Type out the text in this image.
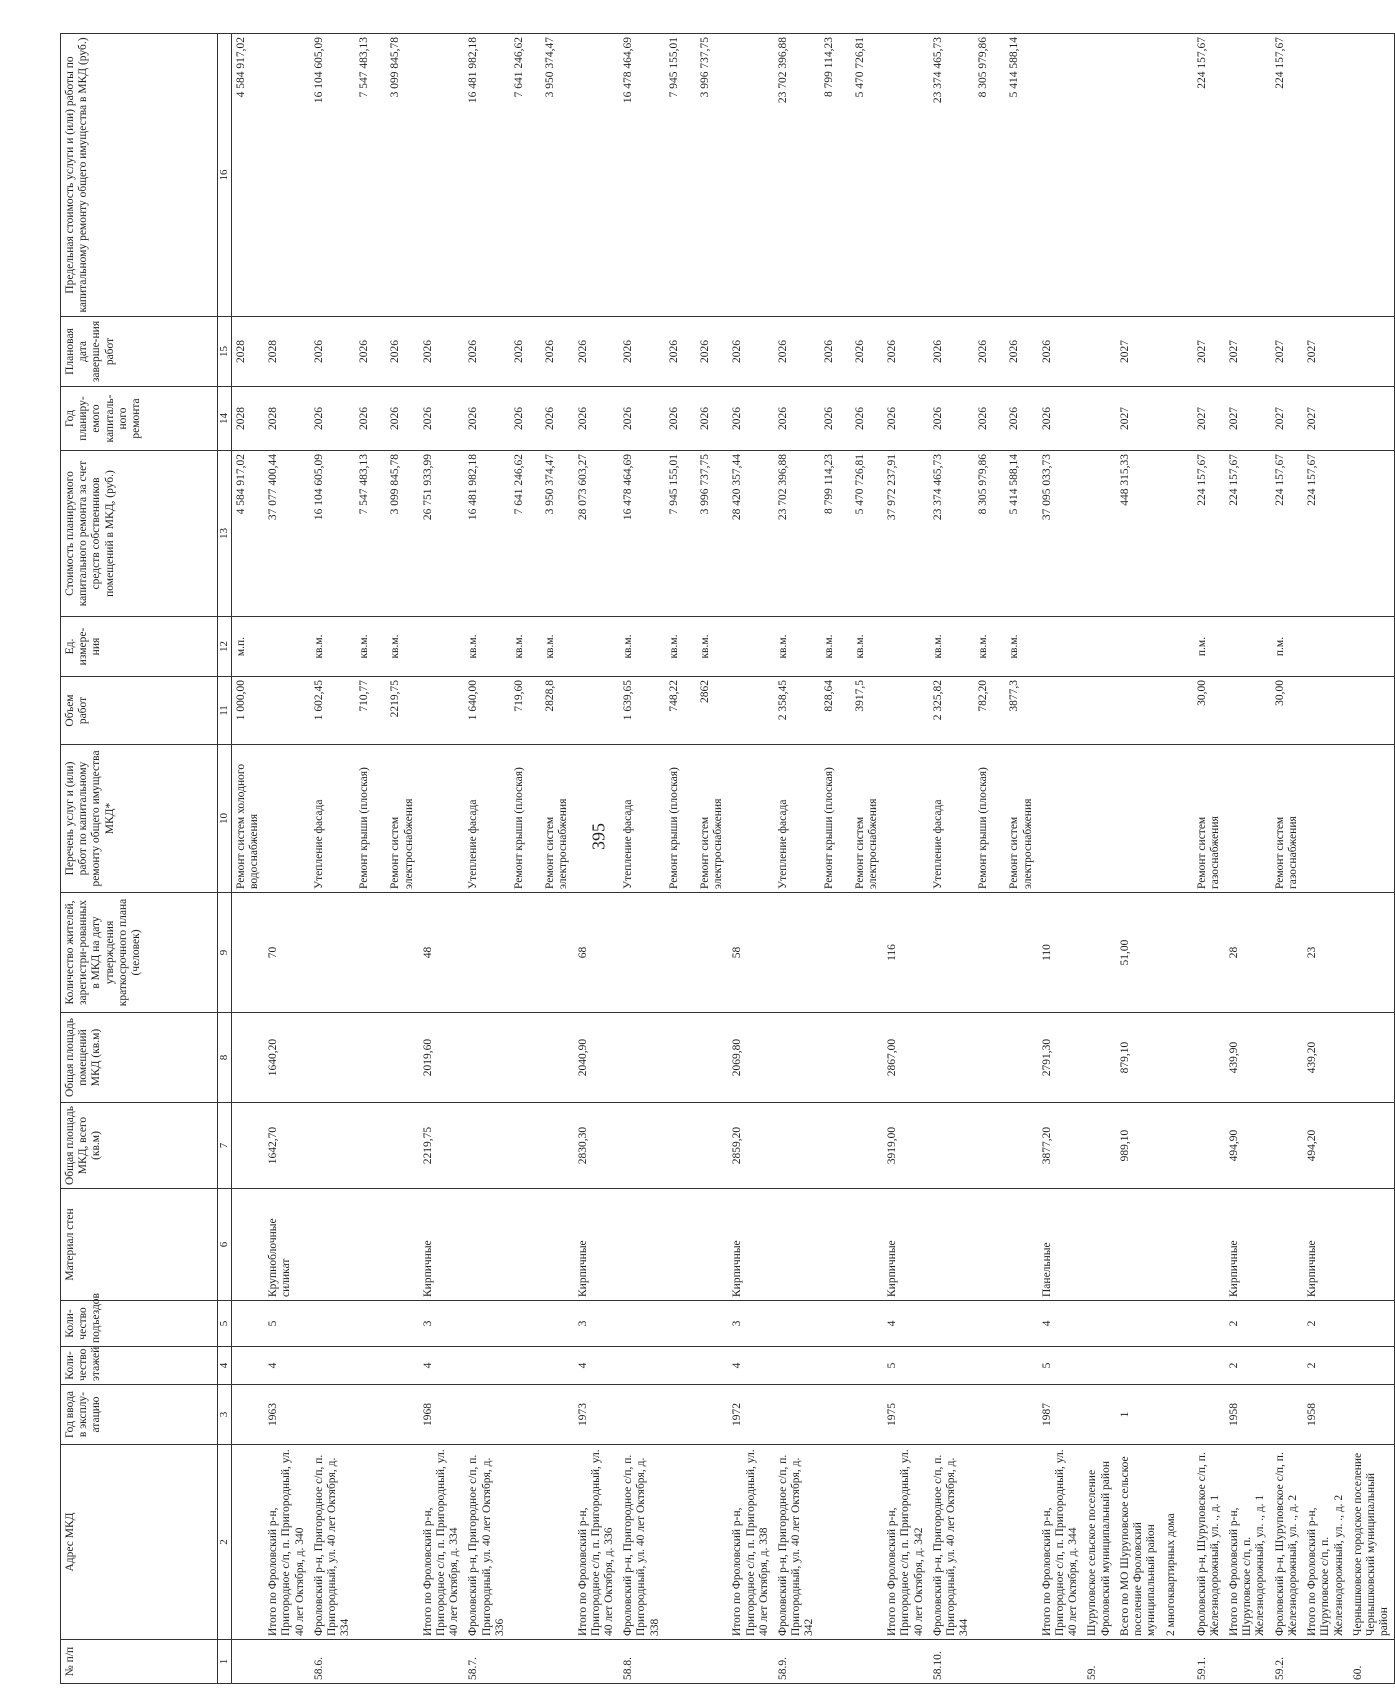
395
№ п/п	Адрес МКД	Год ввода в эксплу-атацию	Коли-чество этажей	Коли-чество подъездов	Материал стен	Общая площадь МКД, всего (кв.м)	Общая площадь помещений МКД (кв.м)	Количество жителей, зарегистри-рованных в МКД на дату утверждения краткосрочного плана (человек)	Перечень услуг и (или) работ по капитальному ремонту общего имущества МКД*	Объем работ	Ед. измере-ния	Стоимость планируемого капитального ремонта за счет средств собственников помещений в МКД, (руб.)	Год планиру-емого капиталь-ного ремонта	Плановая дата заверше-ния работ	Предельная стоимость услуги и (или) работы по капитальному ремонту общего имущества в МКД (руб.)
1	2	3	4	5	6	7	8	9	10	11	12	13	14	15	16
									Ремонт систем холодного водоснабжения	1 000,00	м.п.	4 584 917,02	2028	2028	4 584 917,02
	Итого по Фроловский р-н, Пригородное с/п, п. Пригородный, ул. 40 лет Октября, д. 340	1963	4	5	Крупноблочные силикат	1642,70	1640,20	70				37 077 400,44	2028	2028	
58.6.	Фроловский р-н, Пригородное с/п, п. Пригородный, ул. 40 лет Октября, д. 334								Утепление фасада	1 602,45	кв.м.	16 104 605,09	2026	2026	16 104 605,09
									Ремонт крыши (плоская)	710,77	кв.м.	7 547 483,13	2026	2026	7 547 483,13
									Ремонт систем электроснабжения	2219,75	кв.м.	3 099 845,78	2026	2026	3 099 845,78
	Итого по Фроловский р-н, Пригородное с/п, п. Пригородный, ул. 40 лет Октября, д. 334	1968	4	3	Кирпичные	2219,75	2019,60	48				26 751 933,99	2026	2026	
58.7.	Фроловский р-н, Пригородное с/п, п. Пригородный, ул. 40 лет Октября, д. 336								Утепление фасада	1 640,00	кв.м.	16 481 982,18	2026	2026	16 481 982,18
									Ремонт крыши (плоская)	719,60	кв.м.	7 641 246,62	2026	2026	7 641 246,62
									Ремонт систем электроснабжения	2828,8	кв.м.	3 950 374,47	2026	2026	3 950 374,47
	Итого по Фроловский р-н, Пригородное с/п, п. Пригородный, ул. 40 лет Октября, д. 336	1973	4	3	Кирпичные	2830,30	2040,90	68				28 073 603,27	2026	2026	
58.8.	Фроловский р-н, Пригородное с/п, п. Пригородный, ул. 40 лет Октября, д. 338								Утепление фасада	1 639,65	кв.м.	16 478 464,69	2026	2026	16 478 464,69
									Ремонт крыши (плоская)	748,22	кв.м.	7 945 155,01	2026	2026	7 945 155,01
									Ремонт систем электроснабжения	2862	кв.м.	3 996 737,75	2026	2026	3 996 737,75
	Итого по Фроловский р-н, Пригородное с/п, п. Пригородный, ул. 40 лет Октября, д. 338	1972	4	3	Кирпичные	2859,20	2069,80	58				28 420 357,44	2026	2026	
58.9.	Фроловский р-н, Пригородное с/п, п. Пригородный, ул. 40 лет Октября, д. 342								Утепление фасада	2 358,45	кв.м.	23 702 396,88	2026	2026	23 702 396,88
									Ремонт крыши (плоская)	828,64	кв.м.	8 799 114,23	2026	2026	8 799 114,23
									Ремонт систем электроснабжения	3917,5	кв.м.	5 470 726,81	2026	2026	5 470 726,81
	Итого по Фроловский р-н, Пригородное с/п, п. Пригородный, ул. 40 лет Октября, д. 342	1975	5	4	Кирпичные	3919,00	2867,00	116				37 972 237,91	2026	2026	
58.10.	Фроловский р-н, Пригородное с/п, п. Пригородный, ул. 40 лет Октября, д. 344								Утепление фасада	2 325,82	кв.м.	23 374 465,73	2026	2026	23 374 465,73
									Ремонт крыши (плоская)	782,20	кв.м.	8 305 979,86	2026	2026	8 305 979,86
									Ремонт систем электроснабжения	3877,3	кв.м.	5 414 588,14	2026	2026	5 414 588,14
	Итого по Фроловский р-н, Пригородное с/п, п. Пригородный, ул. 40 лет Октября, д. 344	1987	5	4	Панельные	3877,20	2791,30	110				37 095 033,73	2026	2026	
59.	Шуруповское сельское поселение Фроловский муниципальный район														
	Всего по МО Шуруповское сельское поселение Фроловский муниципальный район	1				989,10	879,10	51,00				448 315,33	2027	2027	
	2 многоквартирных дома														
59.1.	Фроловский р-н, Шуруповское с/п, п. Железнодорожный, ул. ., д. 1								Ремонт систем газоснабжения	30,00	п.м.	224 157,67	2027	2027	224 157,67
	Итого по Фроловский р-н, Шуруповское с/п, п. Железнодорожный, ул. ., д. 1	1958	2	2	Кирпичные	494,90	439,90	28				224 157,67	2027	2027	
59.2.	Фроловский р-н, Шуруповское с/п, п. Железнодорожный, ул. ., д. 2								Ремонт систем газоснабжения	30,00	п.м.	224 157,67	2027	2027	224 157,67
	Итого по Фроловский р-н, Шуруповское с/п, п. Железнодорожный, ул. ., д. 2	1958	2	2	Кирпичные	494,20	439,20	23				224 157,67	2027	2027	
60.	Чернышковское городское поселение Чернышковский муниципальный район														
